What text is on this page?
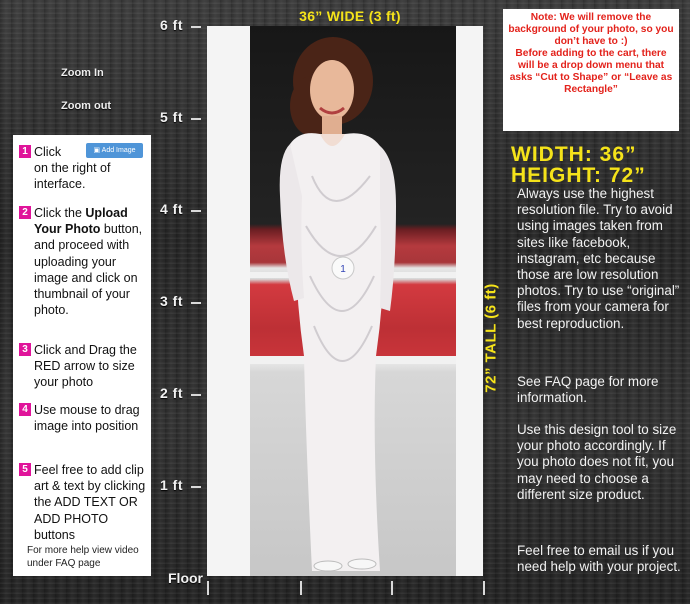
36” WIDE (3 ft)
6 ft
5 ft
4 ft
3 ft
2 ft
1 ft
Floor
Zoom In
Zoom out
1
Note: We will remove the background of your photo, so you don’t have to :)
Before adding to the cart, there will be a drop down menu that asks “Cut to Shape” or “Leave as Rectangle”
WIDTH: 36”
HEIGHT: 72”
72” TALL (6 ft)
Always use the highest resolution file. Try to avoid using images taken from sites like facebook, instagram, etc because those are low resolution photos. Try to use “original” files from your camera for best reproduction.
See FAQ page for more information.
Use this design tool to size your photo accordingly. If you photo does not fit, you may need to choose a different size product.
Feel free to email us if you need help with your project.
▣ Add Image
1 Click
on the right of interface.
2 Click the Upload Your Photo button, and proceed with uploading your image and click on thumbnail of your photo.
3 Click and Drag the RED arrow to size your photo
4 Use mouse to drag image into position
5 Feel free to add clip art & text by clicking the ADD TEXT OR ADD PHOTO buttons
For more help view video under FAQ page
